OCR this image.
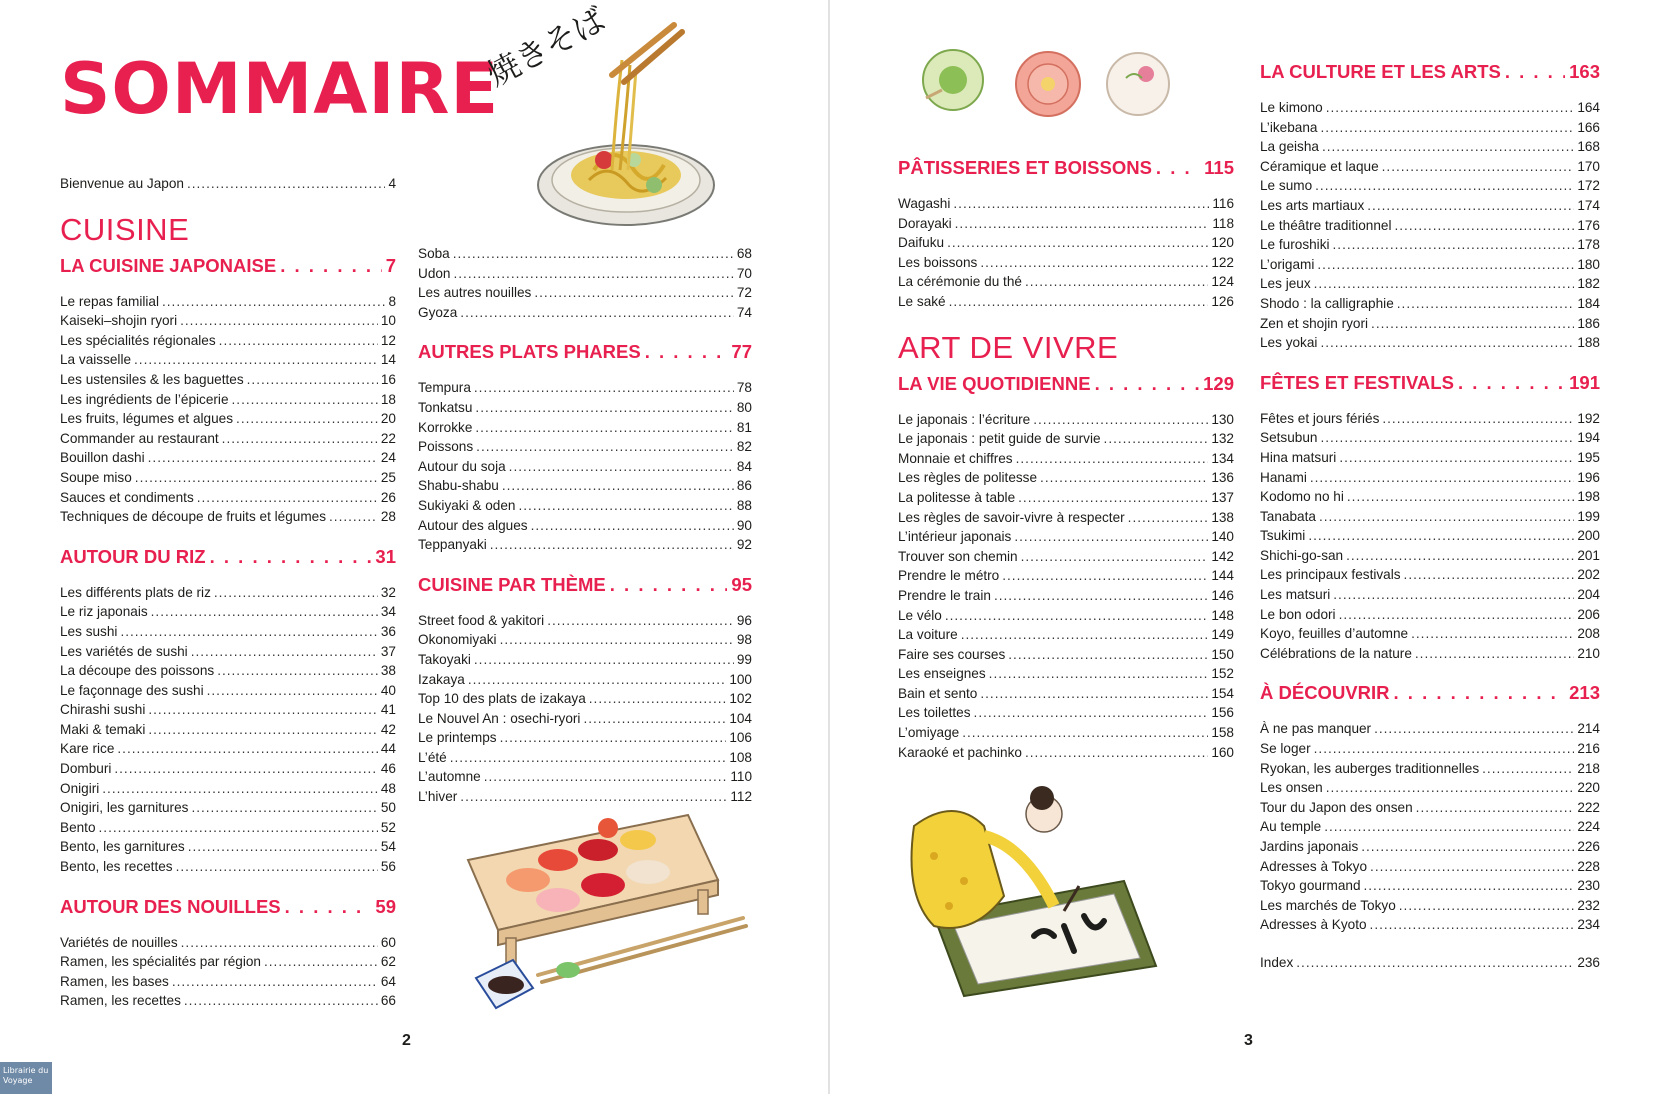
SOMMAIRE
焼きそば
Bienvenue au Japon .....	4
CUISINE
LA CUISINE JAPONAISE . . .	7
Le repas familial .....	8
Kaiseki–shojin ryori .....	10
Les spécialités régionales .....	12
La vaisselle .....	14
Les ustensiles & les baguettes .....	16
Les ingrédients de l’épicerie .....	18
Les fruits, légumes et algues .....	20
Commander au restaurant .....	22
Bouillon dashi .....	24
Soupe miso .....	25
Sauces et condiments .....	26
Techniques de découpe de fruits et légumes .....	28
AUTOUR DU RIZ . . .	31
Les différents plats de riz .....	32
Le riz japonais .....	34
Les sushi .....	36
Les variétés de sushi .....	37
La découpe des poissons .....	38
Le façonnage des sushi .....	40
Chirashi sushi .....	41
Maki & temaki .....	42
Kare rice .....	44
Domburi .....	46
Onigiri .....	48
Onigiri, les garnitures .....	50
Bento .....	52
Bento, les garnitures .....	54
Bento, les recettes .....	56
AUTOUR DES NOUILLES . . .	59
Variétés de nouilles .....	60
Ramen, les spécialités par région .....	62
Ramen, les bases .....	64
Ramen, les recettes .....	66
Soba .....	68
Udon .....	70
Les autres nouilles .....	72
Gyoza .....	74
AUTRES PLATS PHARES . . .	77
Tempura .....	78
Tonkatsu .....	80
Korrokke .....	81
Poissons .....	82
Autour du soja .....	84
Shabu-shabu .....	86
Sukiyaki & oden .....	88
Autour des algues .....	90
Teppanyaki .....	92
CUISINE PAR THÈME . . .	95
Street food & yakitori .....	96
Okonomiyaki .....	98
Takoyaki .....	99
Izakaya .....	100
Top 10 des plats de izakaya .....	102
Le Nouvel An : osechi-ryori .....	104
Le printemps .....	106
L’été .....	108
L’automne .....	110
L’hiver .....	112
2
Librairie du Voyage
PÂTISSERIES ET BOISSONS . . .	115
Wagashi .....	116
Dorayaki .....	118
Daifuku .....	120
Les boissons .....	122
La cérémonie du thé .....	124
Le saké .....	126
ART DE VIVRE
LA VIE QUOTIDIENNE . . .	129
Le japonais : l’écriture .....	130
Le japonais : petit guide de survie .....	132
Monnaie et chiffres .....	134
Les règles de politesse .....	136
La politesse à table .....	137
Les règles de savoir-vivre à respecter .....	138
L’intérieur japonais .....	140
Trouver son chemin .....	142
Prendre le métro .....	144
Prendre le train .....	146
Le vélo .....	148
La voiture .....	149
Faire ses courses .....	150
Les enseignes .....	152
Bain et sento .....	154
Les toilettes .....	156
L’omiyage .....	158
Karaoké et pachinko .....	160
LA CULTURE ET LES ARTS . . .	163
Le kimono .....	164
L’ikebana .....	166
La geisha .....	168
Céramique et laque .....	170
Le sumo .....	172
Les arts martiaux .....	174
Le théâtre traditionnel .....	176
Le furoshiki .....	178
L’origami .....	180
Les jeux .....	182
Shodo : la calligraphie .....	184
Zen et shojin ryori .....	186
Les yokai .....	188
FÊTES ET FESTIVALS . . .	191
Fêtes et jours fériés .....	192
Setsubun .....	194
Hina matsuri .....	195
Hanami .....	196
Kodomo no hi .....	198
Tanabata .....	199
Tsukimi .....	200
Shichi-go-san .....	201
Les principaux festivals .....	202
Les matsuri .....	204
Le bon odori .....	206
Koyo, feuilles d’automne .....	208
Célébrations de la nature .....	210
À DÉCOUVRIR . . .	213
À ne pas manquer .....	214
Se loger .....	216
Ryokan, les auberges traditionnelles .....	218
Les onsen .....	220
Tour du Japon des onsen .....	222
Au temple .....	224
Jardins japonais .....	226
Adresses à Tokyo .....	228
Tokyo gourmand .....	230
Les marchés de Tokyo .....	232
Adresses à Kyoto .....	234
Index .....	236
3
